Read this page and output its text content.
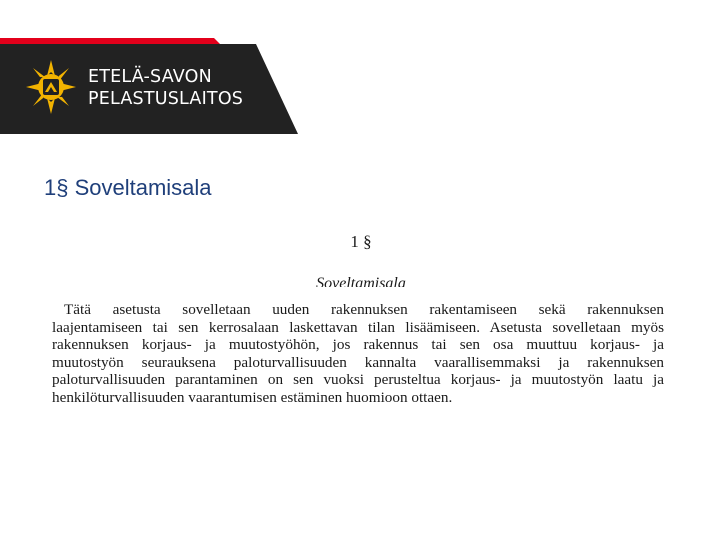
ETELÄ-SAVON
PELASTUSLAITOS
1§ Soveltamisala
1 §
Soveltamisala
Tätä asetusta sovelletaan uuden rakennuksen rakentamiseen sekä rakennuksen
laajentamiseen tai sen kerrosalaan laskettavan tilan lisäämiseen. Asetusta sovelletaan myös
rakennuksen korjaus- ja muutostyöhön, jos rakennus tai sen osa muuttuu korjaus- ja
muutostyön seurauksena paloturvallisuuden kannalta vaarallisemmaksi ja rakennuksen
paloturvallisuuden parantaminen on sen vuoksi perusteltua korjaus- ja muutostyön laatu ja
henkilöturvallisuuden vaarantumisen estäminen huomioon ottaen.
